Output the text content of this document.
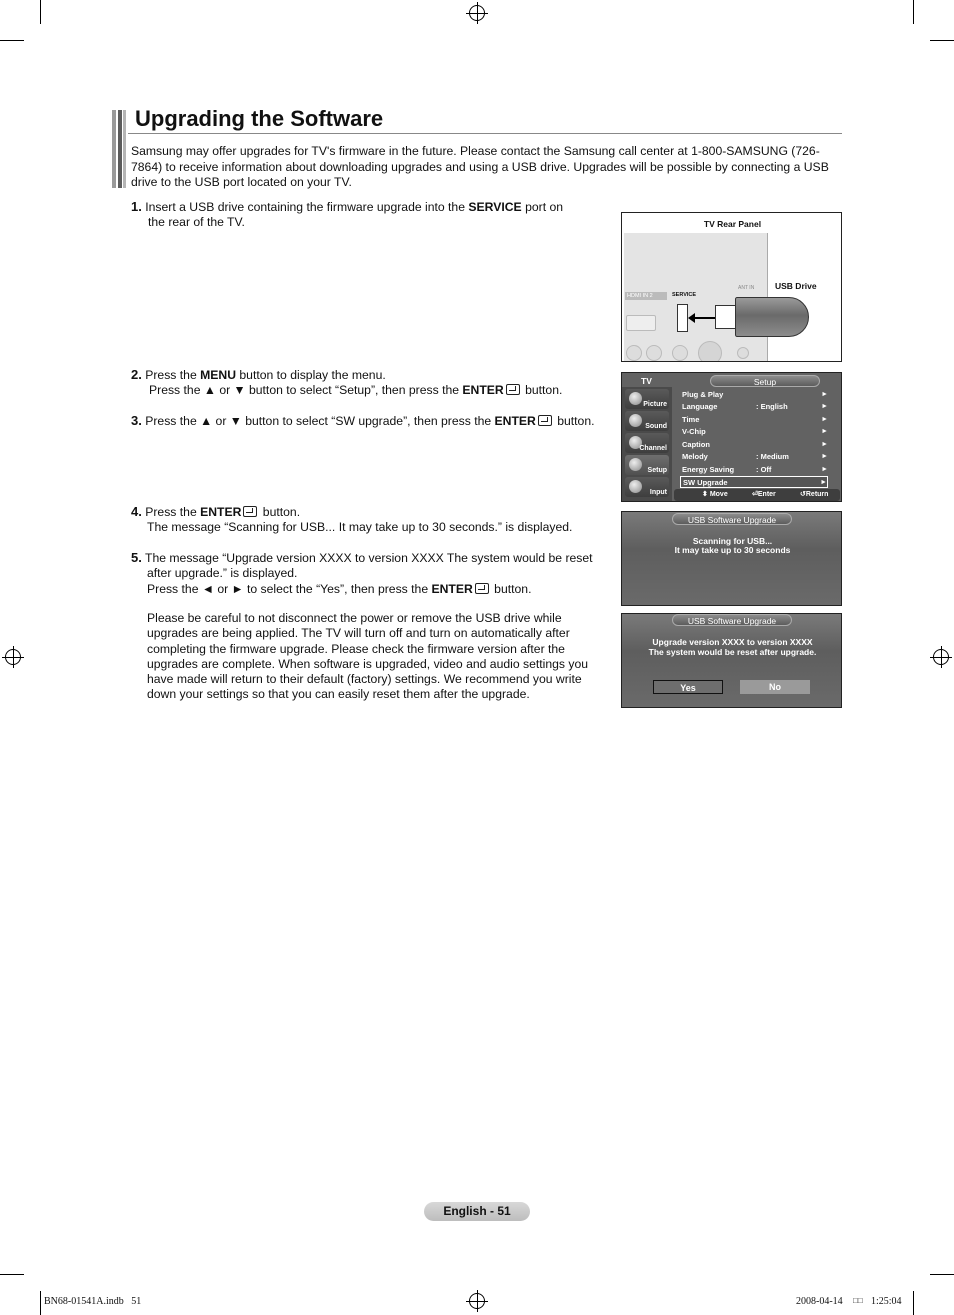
Upgrading the Software

Samsung may offer upgrades for TV's firmware in the future. Please contact the Samsung call center at 1-800-SAMSUNG (726-7864) to receive information about downloading upgrades and using a USB drive. Upgrades will be possible by connecting a USB drive to the USB port located on your TV.

1. Insert a USB drive containing the firmware upgrade into the SERVICE port on
the rear of the TV.
2. Press the MENU button to display the menu.
Press the ▲ or ▼ button to select “Setup”, then press the ENTER button.
3. Press the ▲ or ▼ button to select “SW upgrade”, then press the ENTER button.
4. Press the ENTER button.
The message “Scanning for USB... It may take up to 30 seconds.” is displayed.
5. The message “Upgrade version XXXX to version XXXX The system would be reset
after upgrade.” is displayed.
Press the ◄ or ► to select the “Yes”, then press the ENTER button.
Please be careful to not disconnect the power or remove the USB drive while
upgrades are being applied. The TV will turn off and turn on automatically after
completing the firmware upgrade. Please check the firmware version after the
upgrades are complete. When software is upgraded, video and audio settings you
have made will return to their default (factory) settings. We recommend you write
down your settings so that you can easily reset them after the upgrade.
TV Rear Panel
HDMI IN 2	SERVICE
ANT IN USB Drive
TV	Setup
Picture
Sound
Channel
Setup
Input
Plug & Play	►
Language	: English	►
Time	►
V-Chip	►
Caption	►
Melody	: Medium	►
Energy Saving	: Off	►
SW Upgrade	►
⬍ Move	⏎Enter	↺Return
USB Software Upgrade
Scanning for USB...
It may take up to 30 seconds
USB Software Upgrade
Upgrade version XXXX to version XXXX
The system would be reset after upgrade.
Yes	No
English - 51
BN68-01541A.indb   51	2008-04-14 □□ 1:25:04
